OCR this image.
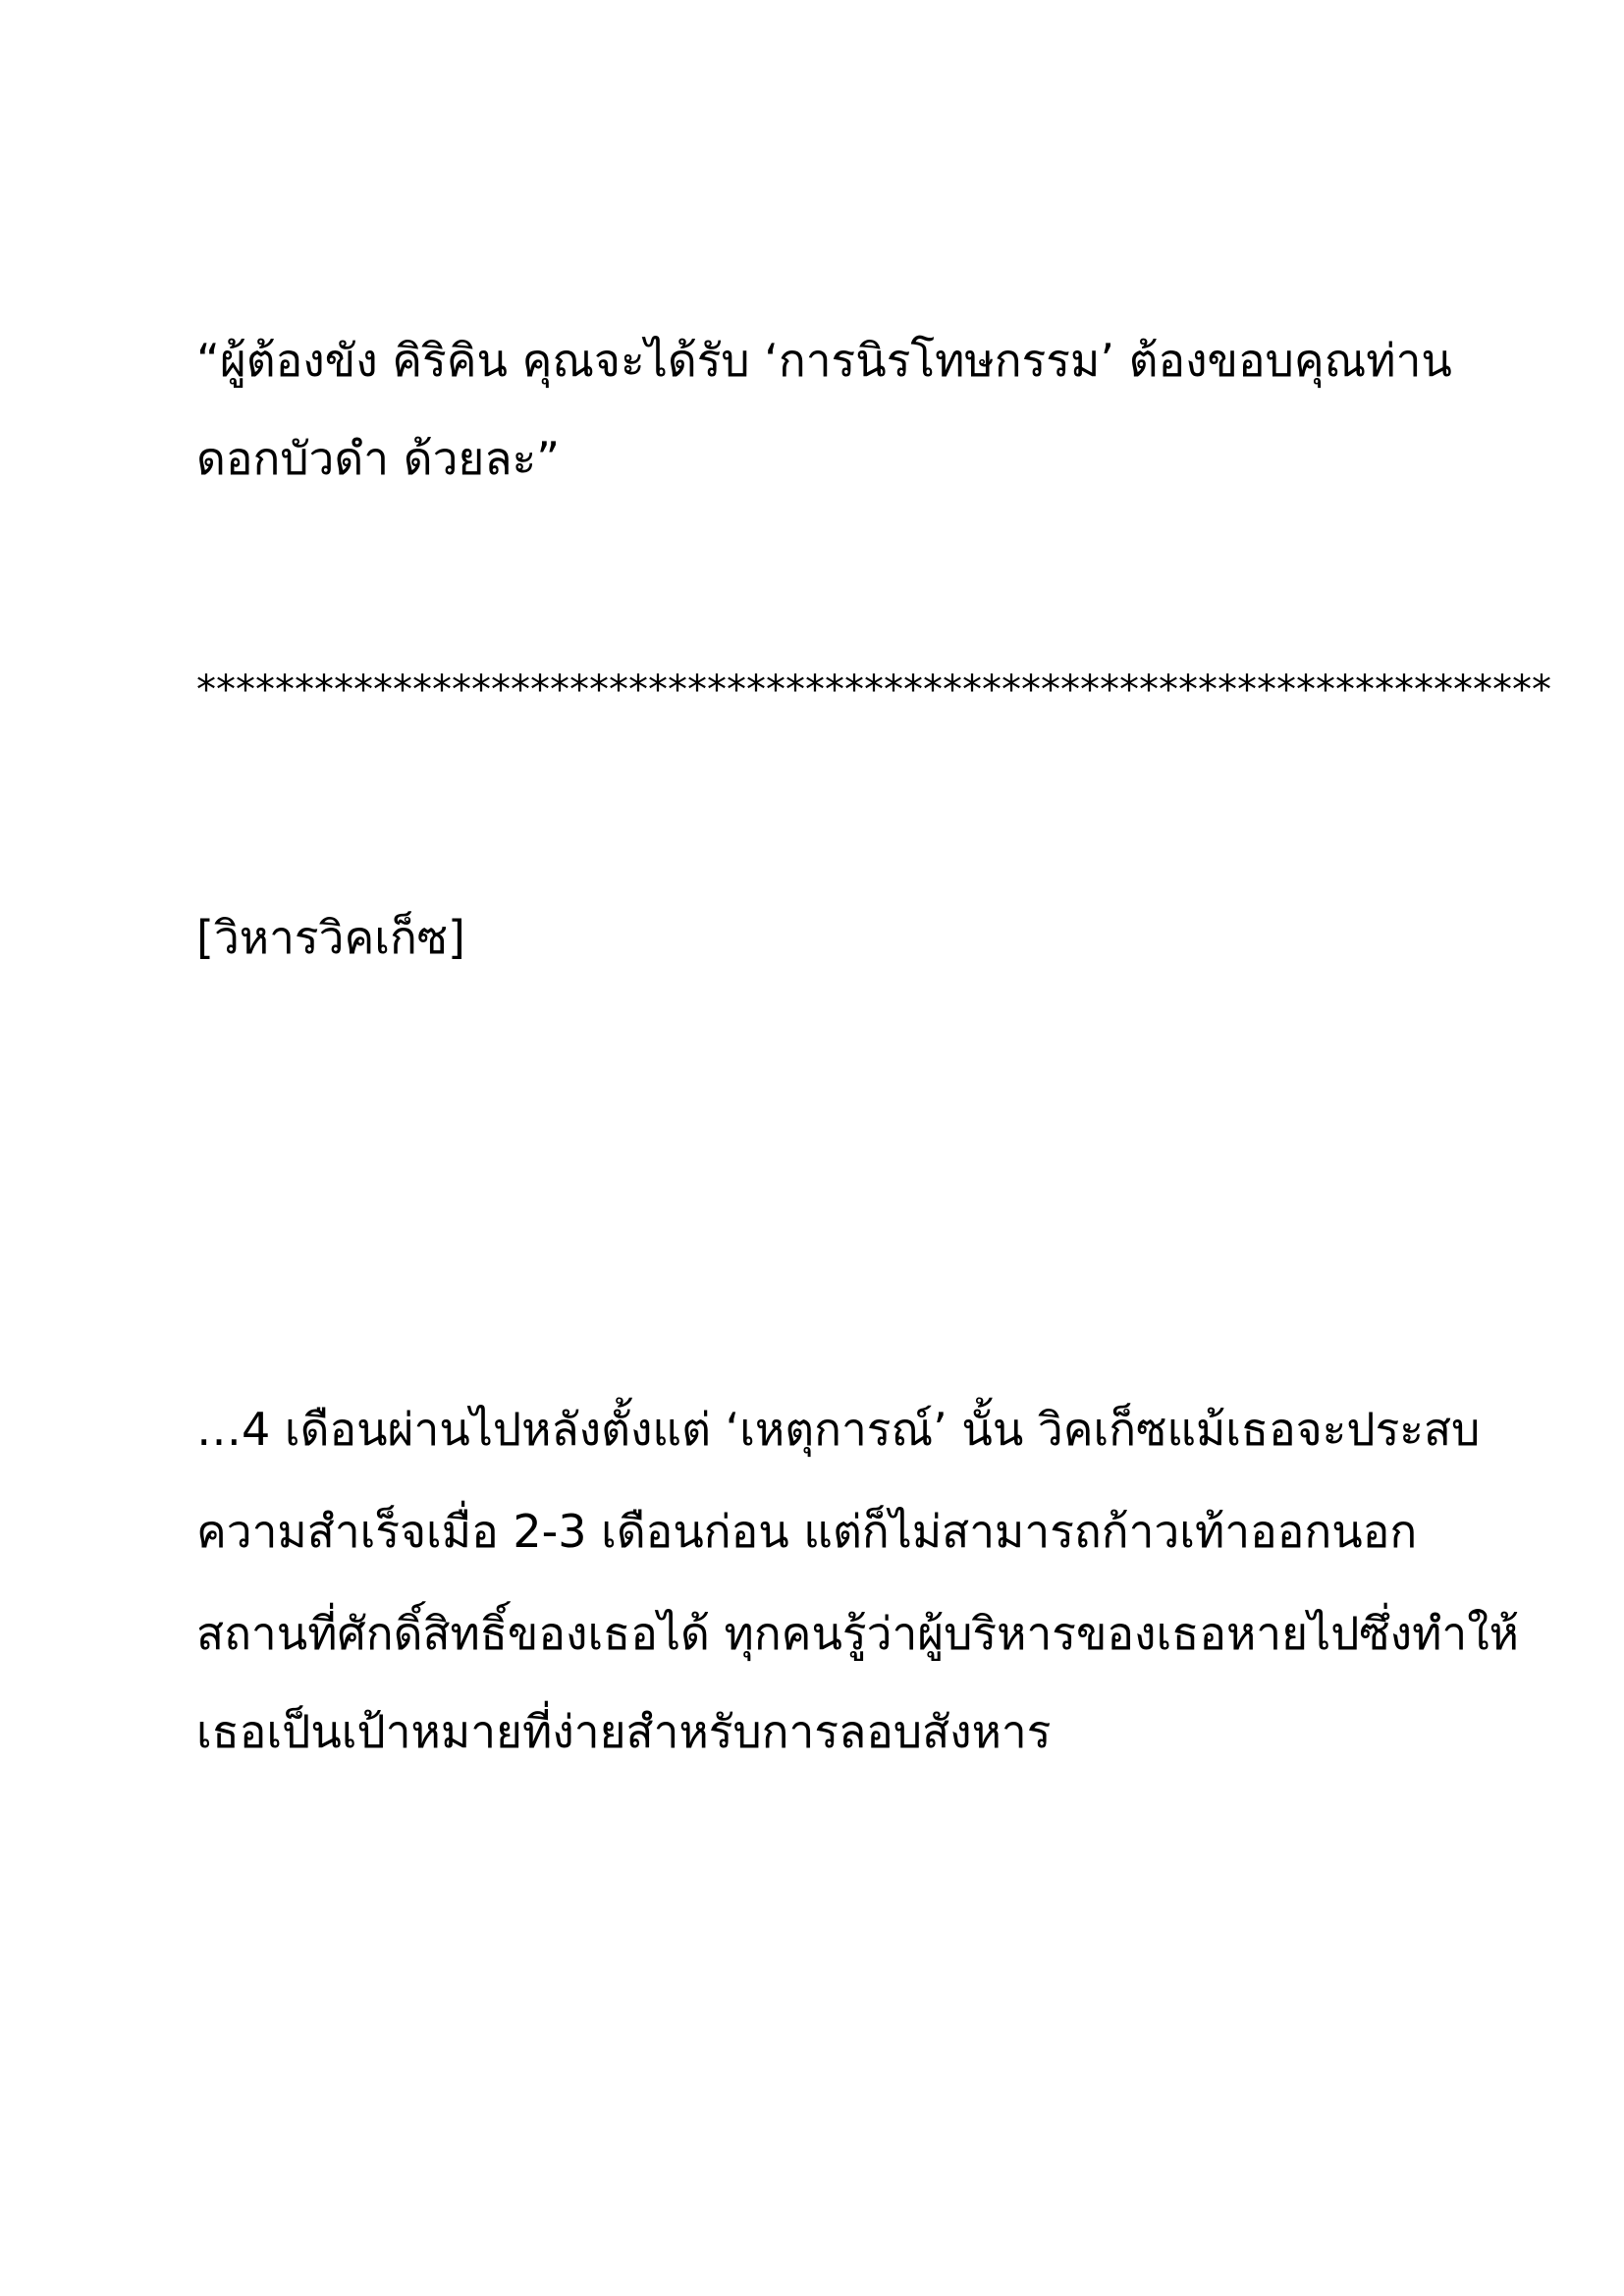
“ผู้ต้องขัง คิริคิน คุณจะได้รับ ‘การนิรโทษกรรม’ ต้องขอบคุณท่าน
ดอกบัวดำ ด้วยละ”
*********************************************************************
[วิหารวิคเก็ซ]
…4 เดือนผ่านไปหลังตั้งแต่ ‘เหตุการณ์’ นั้น วิคเก็ซแม้เธอจะประสบ
ความสำเร็จเมื่อ 2-3 เดือนก่อน แต่ก็ไม่สามารถก้าวเท้าออกนอก
สถานที่ศักดิ์สิทธิ์ของเธอได้ ทุกคนรู้ว่าผู้บริหารของเธอหายไปซึ่งทำให้
เธอเป็นเป้าหมายที่ง่ายสำหรับการลอบสังหาร
